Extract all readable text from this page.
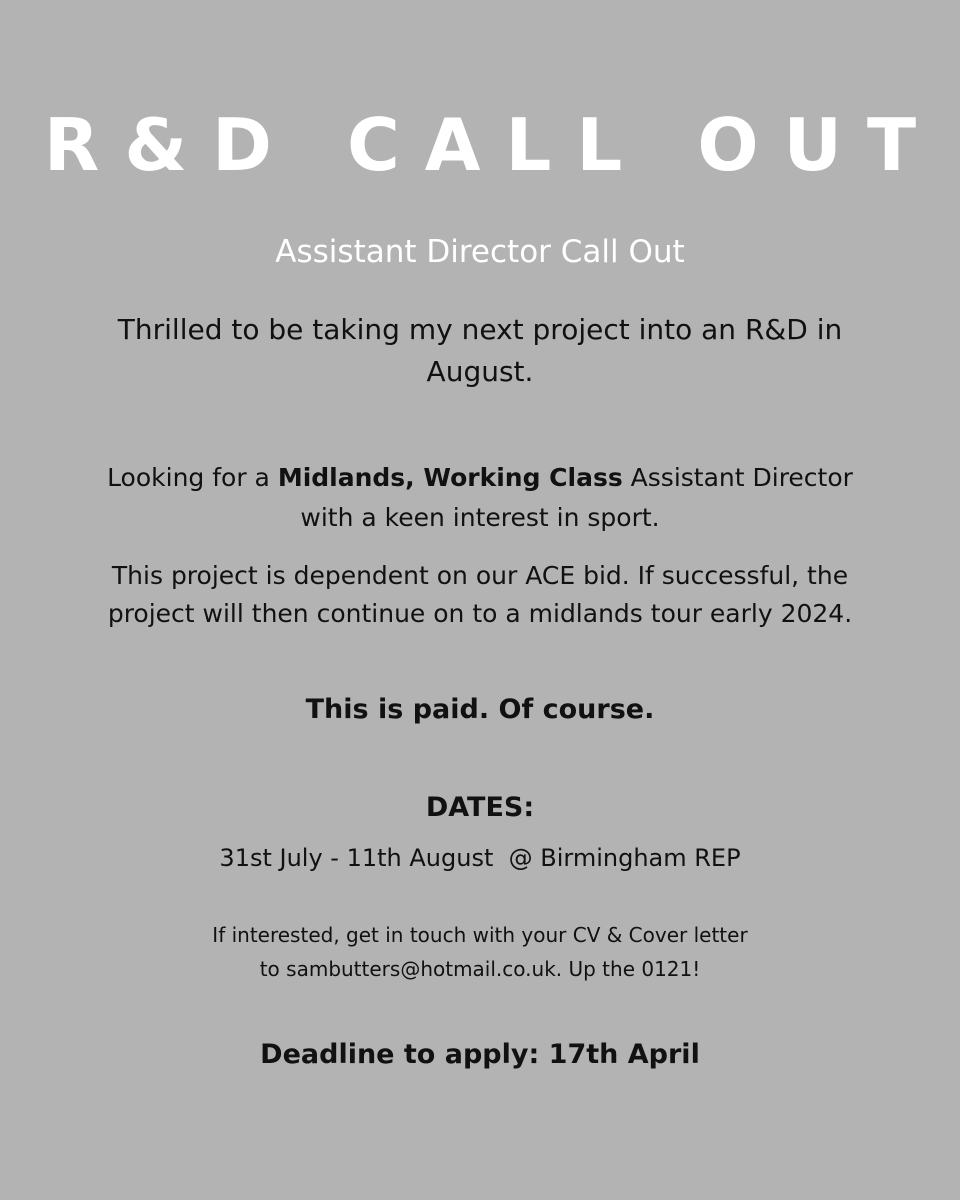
R&D CALL OUT
Assistant Director Call Out

Thrilled to be taking my next project into an R&D in August.

Looking for a Midlands, Working Class Assistant Director with a keen interest in sport.

This project is dependent on our ACE bid. If successful, the project will then continue on to a midlands tour early 2024.

This is paid. Of course.
DATES:
31st July - 11th August  @ Birmingham REP
If interested, get in touch with your CV & Cover letter
to sambutters@hotmail.co.uk. Up the 0121!
Deadline to apply: 17th April
